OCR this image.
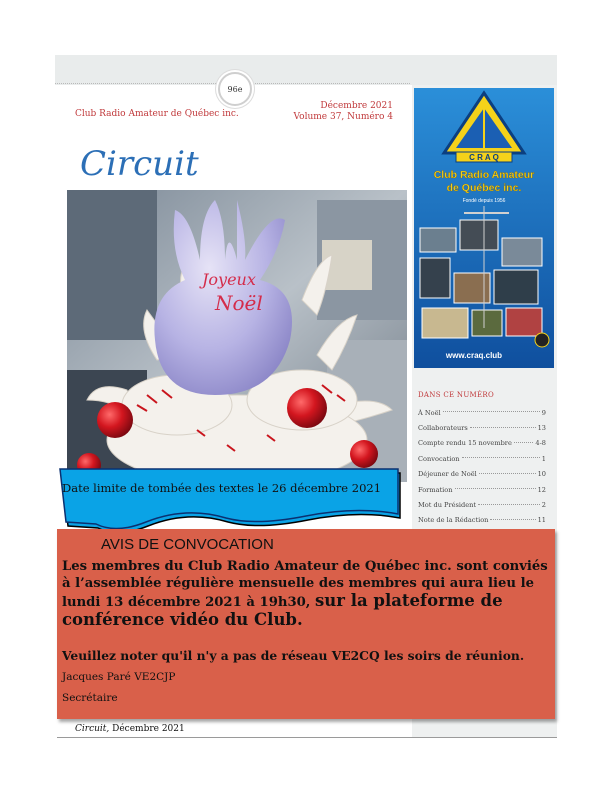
96e
Club Radio Amateur de Québec inc.
Décembre 2021
Volume 37, Numéro 4
Circuit
Joyeux
Noël
C R A Q
Club Radio Amateur
de Québec inc.
Fondé depuis 1956
www.craq.club
DANS CE NUMÉRO
À Noël	9
Collaborateurs	13
Compte rendu 15 novembre	4-8
Convocation	1
Déjeuner de Noël	10
Formation	12
Mot du Président	2
Note de la Rédaction	11
Date limite de tombée des textes le 26 décembre 2021
AVIS DE CONVOCATION
Les membres du Club Radio Amateur de Québec inc. sont conviés à l’assemblée régulière mensuelle des membres qui aura lieu le lundi 13 décembre 2021 à 19h30, sur la plateforme de conférence vidéo du Club.
Veuillez noter qu'il n'y a pas de réseau VE2CQ les soirs de réunion.
Jacques Paré VE2CJP
Secrétaire
Circuit, Décembre 2021
